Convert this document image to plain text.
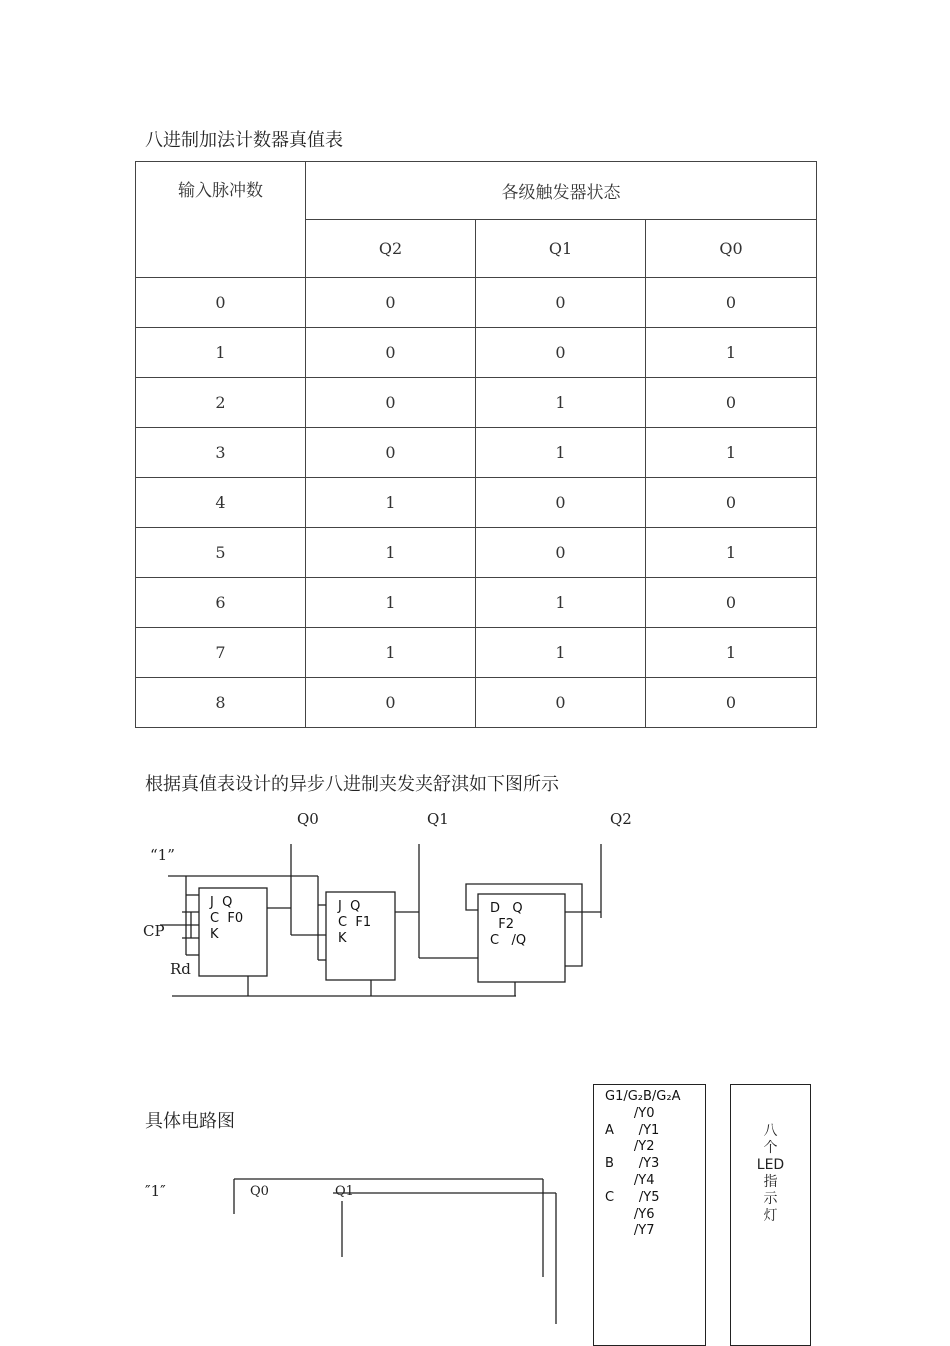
八进制加法计数器真值表
输入脉冲数	各级触发器状态		
	Q2	Q1	Q0
0	0	0	0
1	0	0	1
2	0	1	0
3	0	1	1
4	1	0	0
5	1	0	1
6	1	1	0
7	1	1	1
8	0	0	0
根据真值表设计的异步八进制夹发夹舒淇如下图所示
Q0	Q1	Q2
“1”
CP
Rd
J  Q
C  F0
K
J  Q
C  F1
K
D   Q
F2
C   /Q
具体电路图
″1″	Q0	Q1
G1/G₂B/G₂A
/Y0
A      /Y1
/Y2
B      /Y3
/Y4
C      /Y5
/Y6
/Y7
八
个
LED
指
示
灯
